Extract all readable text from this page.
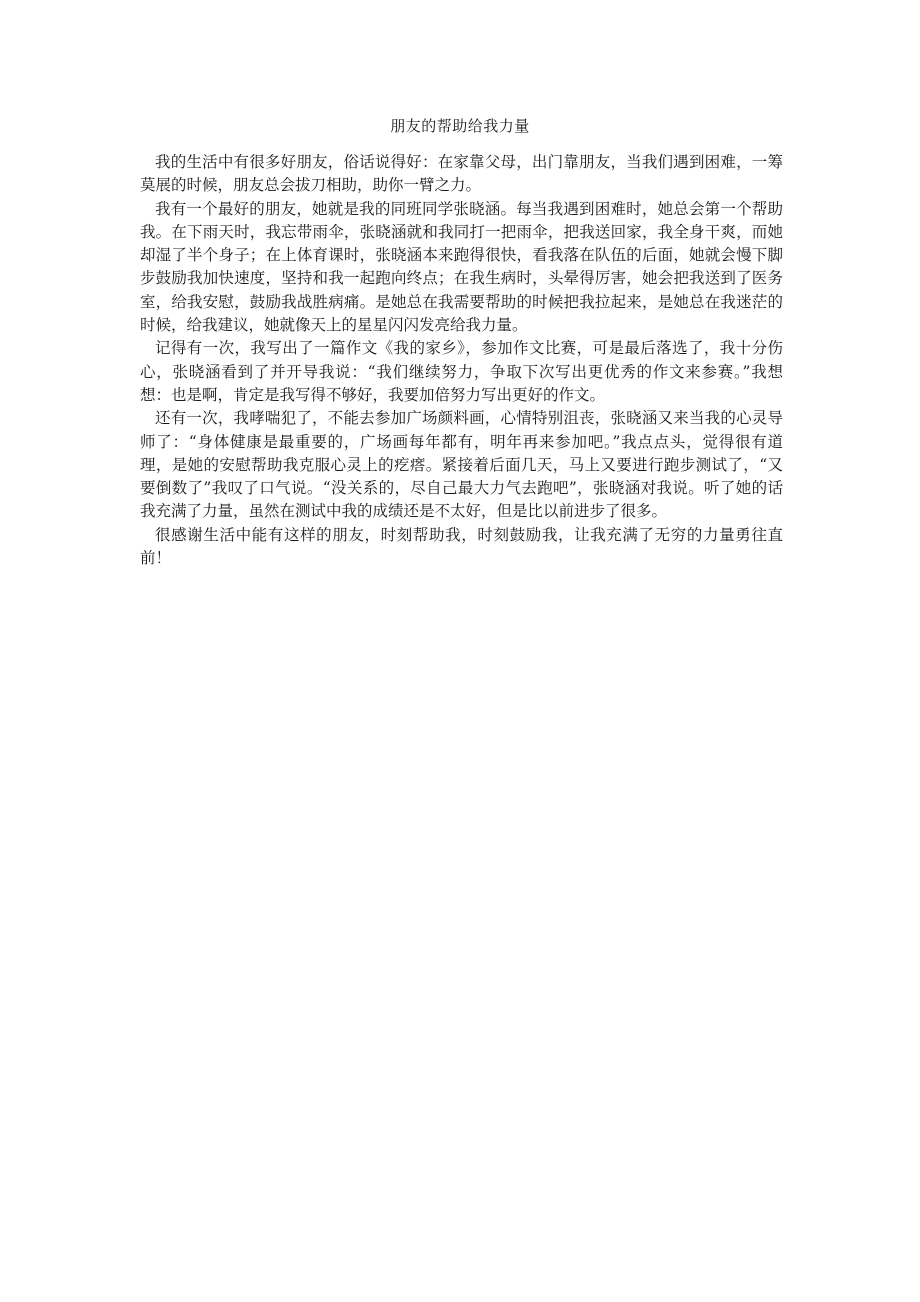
朋友的帮助给我力量

我的生活中有很多好朋友，俗话说得好：在家靠父母，出门靠朋友，当我们遇到困难，一筹莫展的时候，朋友总会拔刀相助，助你一臂之力。

我有一个最好的朋友，她就是我的同班同学张晓涵。每当我遇到困难时，她总会第一个帮助我。在下雨天时，我忘带雨伞，张晓涵就和我同打一把雨伞，把我送回家，我全身干爽，而她却湿了半个身子；在上体育课时，张晓涵本来跑得很快，看我落在队伍的后面，她就会慢下脚步鼓励我加快速度，坚持和我一起跑向终点；在我生病时，头晕得厉害，她会把我送到了医务室，给我安慰，鼓励我战胜病痛。是她总在我需要帮助的时候把我拉起来，是她总在我迷茫的时候，给我建议，她就像天上的星星闪闪发亮给我力量。

记得有一次，我写出了一篇作文《我的家乡》，参加作文比赛，可是最后落选了，我十分伤心，张晓涵看到了并开导我说：“我们继续努力，争取下次写出更优秀的作文来参赛。”我想想：也是啊，肯定是我写得不够好，我要加倍努力写出更好的作文。

还有一次，我哮喘犯了，不能去参加广场颜料画，心情特别沮丧，张晓涵又来当我的心灵导师了：“身体健康是最重要的，广场画每年都有，明年再来参加吧。”我点点头，觉得很有道理，是她的安慰帮助我克服心灵上的疙瘩。紧接着后面几天，马上又要进行跑步测试了，“又要倒数了”我叹了口气说。“没关系的，尽自己最大力气去跑吧”，张晓涵对我说。听了她的话我充满了力量，虽然在测试中我的成绩还是不太好，但是比以前进步了很多。

很感谢生活中能有这样的朋友，时刻帮助我，时刻鼓励我，让我充满了无穷的力量勇往直前！
